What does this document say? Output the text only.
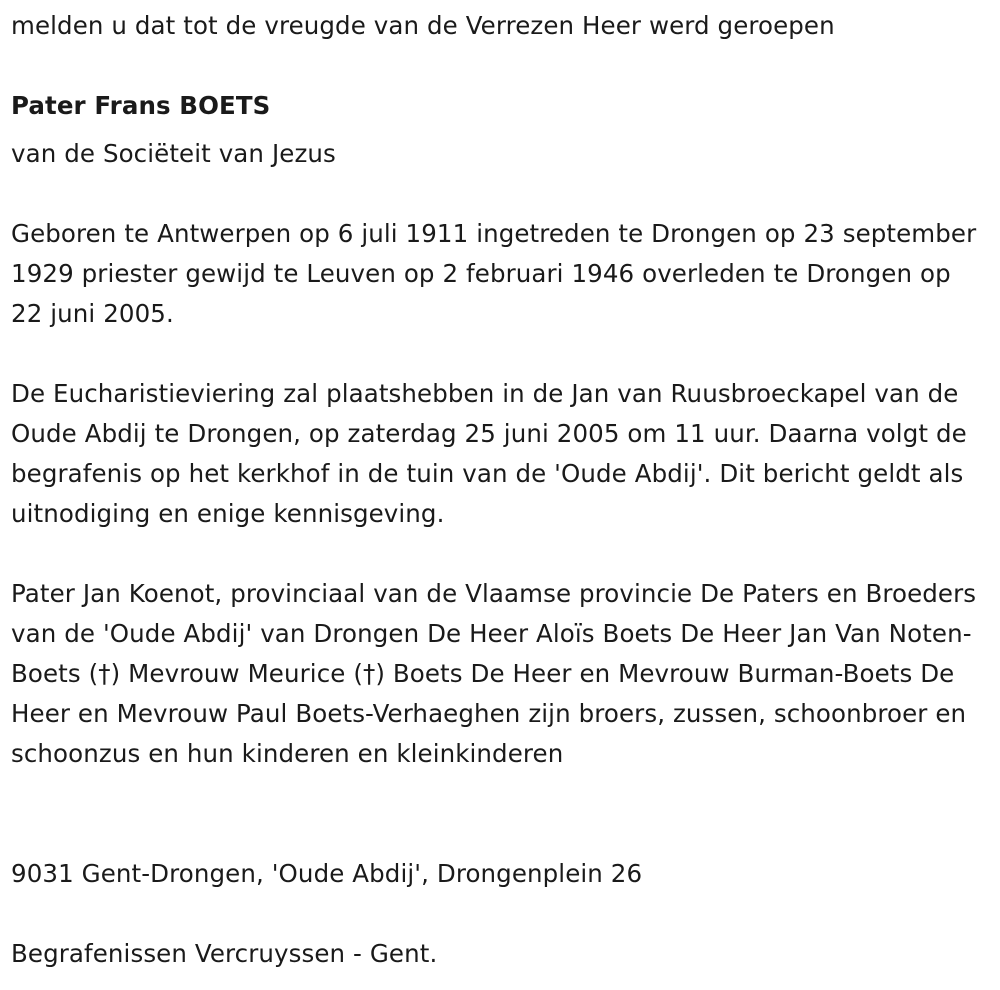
melden u dat tot de vreugde van de Verrezen Heer werd geroepen

Pater Frans BOETS

van de Sociëteit van Jezus

Geboren te Antwerpen op 6 juli 1911 ingetreden te Drongen op 23 september 1929 priester gewijd te Leuven op 2 februari 1946 overleden te Drongen op 22 juni 2005.

De Eucharistieviering zal plaatshebben in de Jan van Ruusbroeckapel van de Oude Abdij te Drongen, op zaterdag 25 juni 2005 om 11 uur. Daarna volgt de begrafenis op het kerkhof in de tuin van de 'Oude Abdij'. Dit bericht geldt als uitnodiging en enige kennisgeving.

Pater Jan Koenot, provinciaal van de Vlaamse provincie De Paters en Broeders van de 'Oude Abdij' van Drongen De Heer Aloïs Boets De Heer Jan Van Noten-Boets (†) Mevrouw Meurice (†) Boets De Heer en Mevrouw Burman-Boets De Heer en Mevrouw Paul Boets-Verhaeghen zijn broers, zussen, schoonbroer en schoonzus en hun kinderen en kleinkinderen

9031 Gent-Drongen, 'Oude Abdij', Drongenplein 26

Begrafenissen Vercruyssen - Gent.
